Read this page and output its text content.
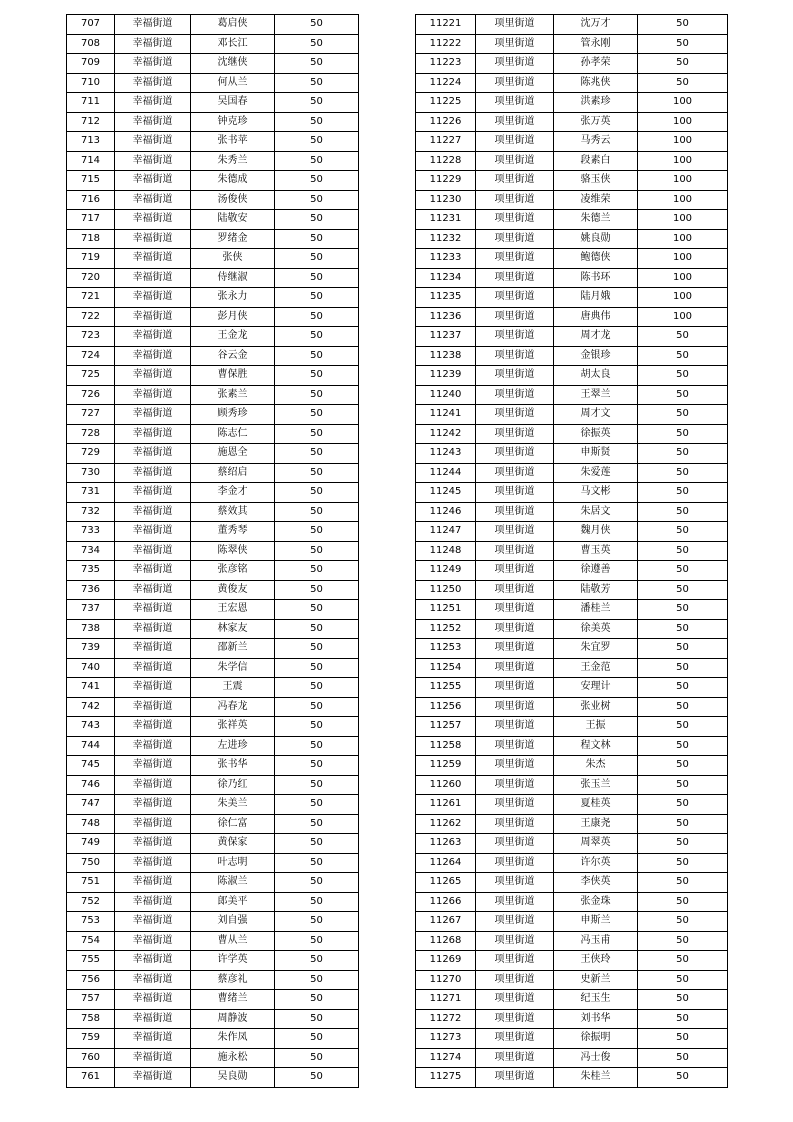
707	幸福街道	葛启侠	50
708	幸福街道	邓长江	50
709	幸福街道	沈继侠	50
710	幸福街道	何从兰	50
711	幸福街道	吴国春	50
712	幸福街道	钟克珍	50
713	幸福街道	张书苹	50
714	幸福街道	朱秀兰	50
715	幸福街道	朱德成	50
716	幸福街道	汤俊侠	50
717	幸福街道	陆敬安	50
718	幸福街道	罗绪金	50
719	幸福街道	张侠	50
720	幸福街道	侍继淑	50
721	幸福街道	张永力	50
722	幸福街道	彭月侠	50
723	幸福街道	王金龙	50
724	幸福街道	谷云金	50
725	幸福街道	曹保胜	50
726	幸福街道	张素兰	50
727	幸福街道	顾秀珍	50
728	幸福街道	陈志仁	50
729	幸福街道	施恩全	50
730	幸福街道	蔡绍启	50
731	幸福街道	李金才	50
732	幸福街道	蔡效其	50
733	幸福街道	董秀琴	50
734	幸福街道	陈翠侠	50
735	幸福街道	张彦铭	50
736	幸福街道	黄俊友	50
737	幸福街道	王宏恩	50
738	幸福街道	林家友	50
739	幸福街道	邵新兰	50
740	幸福街道	朱学信	50
741	幸福街道	王震	50
742	幸福街道	冯春龙	50
743	幸福街道	张祥英	50
744	幸福街道	左进珍	50
745	幸福街道	张书华	50
746	幸福街道	徐乃红	50
747	幸福街道	朱美兰	50
748	幸福街道	徐仁富	50
749	幸福街道	黄保家	50
750	幸福街道	叶志明	50
751	幸福街道	陈淑兰	50
752	幸福街道	郎美平	50
753	幸福街道	刘自强	50
754	幸福街道	曹从兰	50
755	幸福街道	许学英	50
756	幸福街道	蔡彦礼	50
757	幸福街道	曹绪兰	50
758	幸福街道	周静波	50
759	幸福街道	朱作凤	50
760	幸福街道	施永松	50
761	幸福街道	吴良勋	50
11221	项里街道	沈万才	50
11222	项里街道	管永刚	50
11223	项里街道	孙孝荣	50
11224	项里街道	陈兆侠	50
11225	项里街道	洪素珍	100
11226	项里街道	张万英	100
11227	项里街道	马秀云	100
11228	项里街道	段素白	100
11229	项里街道	骆玉侠	100
11230	项里街道	凌维荣	100
11231	项里街道	朱德兰	100
11232	项里街道	姚良勋	100
11233	项里街道	鲍德侠	100
11234	项里街道	陈书环	100
11235	项里街道	陆月娥	100
11236	项里街道	唐典伟	100
11237	项里街道	周才龙	50
11238	项里街道	金银珍	50
11239	项里街道	胡太良	50
11240	项里街道	王翠兰	50
11241	项里街道	周才文	50
11242	项里街道	徐振英	50
11243	项里街道	申斯贤	50
11244	项里街道	朱爱莲	50
11245	项里街道	马文彬	50
11246	项里街道	朱居文	50
11247	项里街道	魏月侠	50
11248	项里街道	曹玉英	50
11249	项里街道	徐遵善	50
11250	项里街道	陆敬芳	50
11251	项里街道	潘桂兰	50
11252	项里街道	徐美英	50
11253	项里街道	朱宜罗	50
11254	项里街道	王金范	50
11255	项里街道	安理计	50
11256	项里街道	张业树	50
11257	项里街道	王振	50
11258	项里街道	程文林	50
11259	项里街道	朱杰	50
11260	项里街道	张玉兰	50
11261	项里街道	夏桂英	50
11262	项里街道	王康尧	50
11263	项里街道	周翠英	50
11264	项里街道	许尔英	50
11265	项里街道	李侠英	50
11266	项里街道	张金珠	50
11267	项里街道	申斯兰	50
11268	项里街道	冯玉甫	50
11269	项里街道	王侠玲	50
11270	项里街道	史新兰	50
11271	项里街道	纪玉生	50
11272	项里街道	刘书华	50
11273	项里街道	徐振明	50
11274	项里街道	冯士俊	50
11275	项里街道	朱桂兰	50
